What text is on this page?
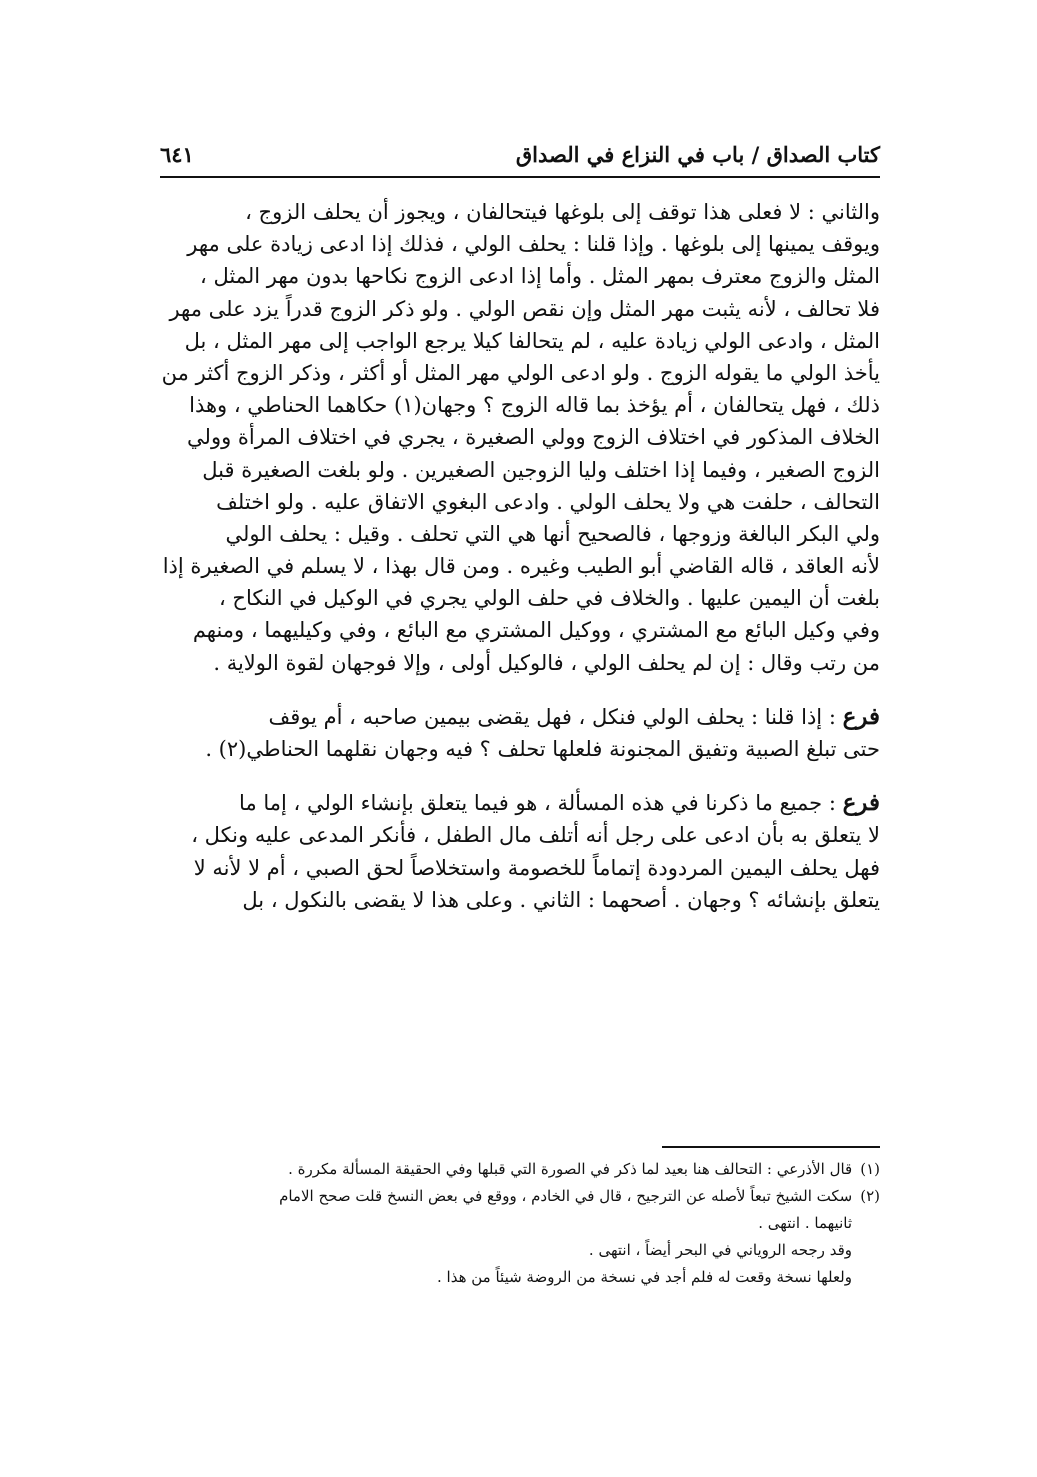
كتاب الصداق / باب في النزاع في الصداق
٦٤١
والثاني : لا فعلى هذا توقف إلى بلوغها فيتحالفان ، ويجوز أن يحلف الزوج ،
ويوقف يمينها إلى بلوغها . وإذا قلنا : يحلف الولي ، فذلك إذا ادعى زيادة على مهر
المثل والزوج معترف بمهر المثل . وأما إذا ادعى الزوج نكاحها بدون مهر المثل ،
فلا تحالف ، لأنه يثبت مهر المثل وإن نقص الولي . ولو ذكر الزوج قدراً يزد على مهر
المثل ، وادعى الولي زيادة عليه ، لم يتحالفا كيلا يرجع الواجب إلى مهر المثل ، بل
يأخذ الولي ما يقوله الزوج . ولو ادعى الولي مهر المثل أو أكثر ، وذكر الزوج أكثر من
ذلك ، فهل يتحالفان ، أم يؤخذ بما قاله الزوج ؟ وجهان(١) حكاهما الحناطي ، وهذا
الخلاف المذكور في اختلاف الزوج وولي الصغيرة ، يجري في اختلاف المرأة وولي
الزوج الصغير ، وفيما إذا اختلف وليا الزوجين الصغيرين . ولو بلغت الصغيرة قبل
التحالف ، حلفت هي ولا يحلف الولي . وادعى البغوي الاتفاق عليه . ولو اختلف
ولي البكر البالغة وزوجها ، فالصحيح أنها هي التي تحلف . وقيل : يحلف الولي
لأنه العاقد ، قاله القاضي أبو الطيب وغيره . ومن قال بهذا ، لا يسلم في الصغيرة إذا
بلغت أن اليمين عليها . والخلاف في حلف الولي يجري في الوكيل في النكاح ،
وفي وكيل البائع مع المشتري ، ووكيل المشتري مع البائع ، وفي وكيليهما ، ومنهم
من رتب وقال : إن لم يحلف الولي ، فالوكيل أولى ، وإلا فوجهان لقوة الولاية .
فرع : إذا قلنا : يحلف الولي فنكل ، فهل يقضى بيمين صاحبه ، أم يوقف
حتى تبلغ الصبية وتفيق المجنونة فلعلها تحلف ؟ فيه وجهان نقلهما الحناطي(٢) .
فرع : جميع ما ذكرنا في هذه المسألة ، هو فيما يتعلق بإنشاء الولي ، إما ما
لا يتعلق به بأن ادعى على رجل أنه أتلف مال الطفل ، فأنكر المدعى عليه ونكل ،
فهل يحلف اليمين المردودة إتماماً للخصومة واستخلاصاً لحق الصبي ، أم لا لأنه لا
يتعلق بإنشائه ؟ وجهان . أصحهما : الثاني . وعلى هذا لا يقضى بالنكول ، بل
(١)قال الأذرعي : التحالف هنا بعيد لما ذكر في الصورة التي قبلها وفي الحقيقة المسألة مكررة .
(٢)سكت الشيخ تبعاً لأصله عن الترجيح ، قال في الخادم ، ووقع في بعض النسخ قلت صحح الامام
ثانيهما . انتهى .
وقد رجحه الروياني في البحر أيضاً ، انتهى .
ولعلها نسخة وقعت له فلم أجد في نسخة من الروضة شيئاً من هذا .
